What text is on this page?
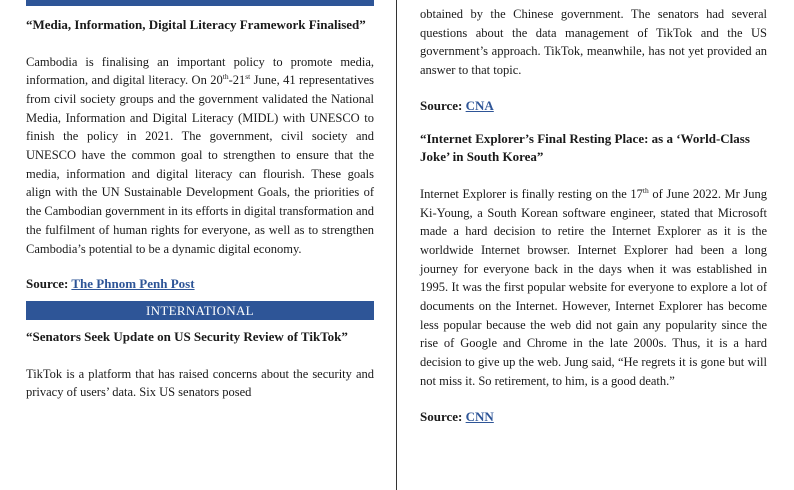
“Media, Information, Digital Literacy Framework Finalised”

Cambodia is finalising an important policy to promote media, information, and digital literacy. On 20th-21st June, 41 representatives from civil society groups and the government validated the National Media, Information and Digital Literacy (MIDL) with UNESCO to finish the policy in 2021. The government, civil society and UNESCO have the common goal to strengthen to ensure that the media, information and digital literacy can flourish. These goals align with the UN Sustainable Development Goals, the priorities of the Cambodian government in its efforts in digital transformation and the fulfilment of human rights for everyone, as well as to strengthen Cambodia’s potential to be a dynamic digital economy.

Source: The Phnom Penh Post

INTERNATIONAL

“Senators Seek Update on US Security Review of TikTok”

TikTok is a platform that has raised concerns about the security and privacy of users’ data. Six US senators posed

obtained by the Chinese government. The senators had several questions about the data management of TikTok and the US government’s approach. TikTok, meanwhile, has not yet provided an answer to that topic.

Source: CNA

“Internet Explorer’s Final Resting Place: as a ‘World-Class Joke’ in South Korea”

Internet Explorer is finally resting on the 17th of June 2022. Mr Jung Ki-Young, a South Korean software engineer, stated that Microsoft made a hard decision to retire the Internet Explorer as it is the worldwide Internet browser. Internet Explorer had been a long journey for everyone back in the days when it was established in 1995. It was the first popular website for everyone to explore a lot of documents on the Internet. However, Internet Explorer has become less popular because the web did not gain any popularity since the rise of Google and Chrome in the late 2000s. Thus, it is a hard decision to give up the web. Jung said, “He regrets it is gone but will not miss it. So retirement, to him, is a good death.”

Source: CNN
